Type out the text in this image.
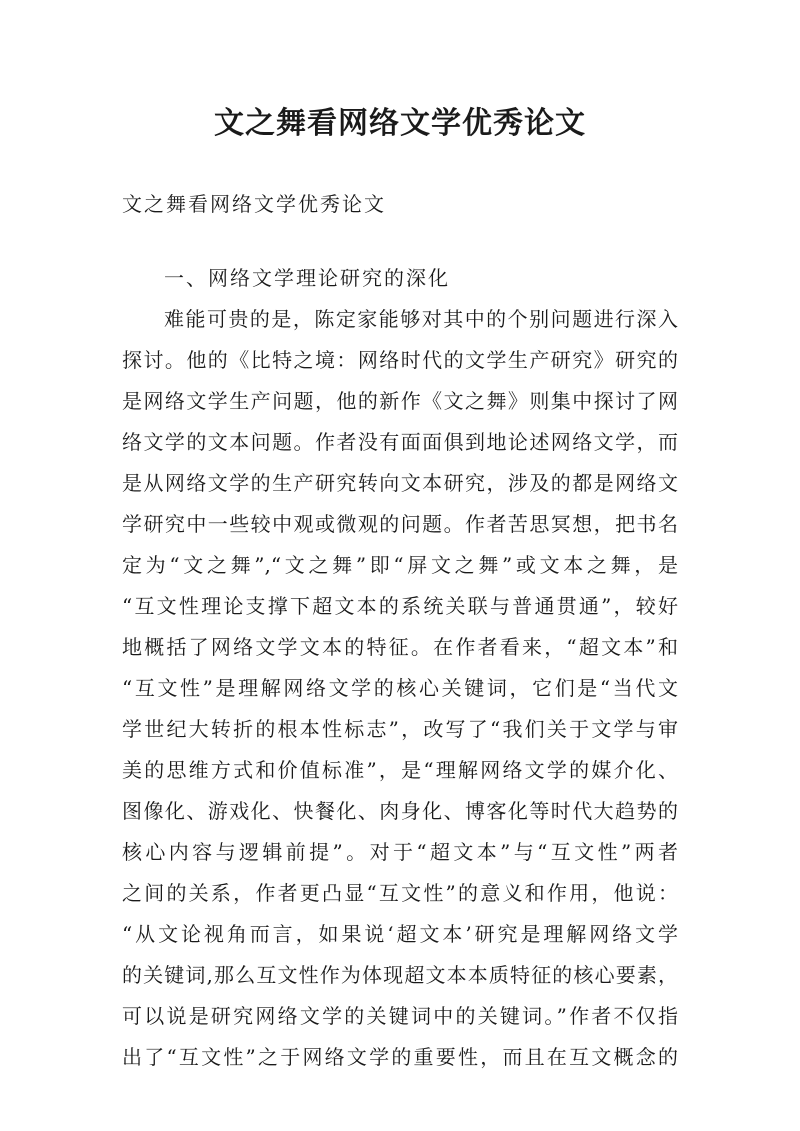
文之舞看网络文学优秀论文
文之舞看网络文学优秀论文
一、网络文学理论研究的深化
难能可贵的是，陈定家能够对其中的个别问题进行深入
探讨。他的《比特之境：网络时代的文学生产研究》研究的
是网络文学生产问题，他的新作《文之舞》则集中探讨了网
络文学的文本问题。作者没有面面俱到地论述网络文学，而
是从网络文学的生产研究转向文本研究，涉及的都是网络文
学研究中一些较中观或微观的问题。作者苦思冥想，把书名
定为“文之舞”,“文之舞”即“屏文之舞”或文本之舞，是
“互文性理论支撑下超文本的系统关联与普通贯通”，较好
地概括了网络文学文本的特征。在作者看来，“超文本”和
“互文性”是理解网络文学的核心关键词，它们是“当代文
学世纪大转折的根本性标志”，改写了“我们关于文学与审
美的思维方式和价值标准”，是“理解网络文学的媒介化、
图像化、游戏化、快餐化、肉身化、博客化等时代大趋势的
核心内容与逻辑前提”。对于“超文本”与“互文性”两者
之间的关系，作者更凸显“互文性”的意义和作用，他说：
“从文论视角而言，如果说‘超文本’研究是理解网络文学
的关键词,那么互文性作为体现超文本本质特征的核心要素，
可以说是研究网络文学的关键词中的关键词。”作者不仅指
出了“互文性”之于网络文学的重要性，而且在互文概念的
